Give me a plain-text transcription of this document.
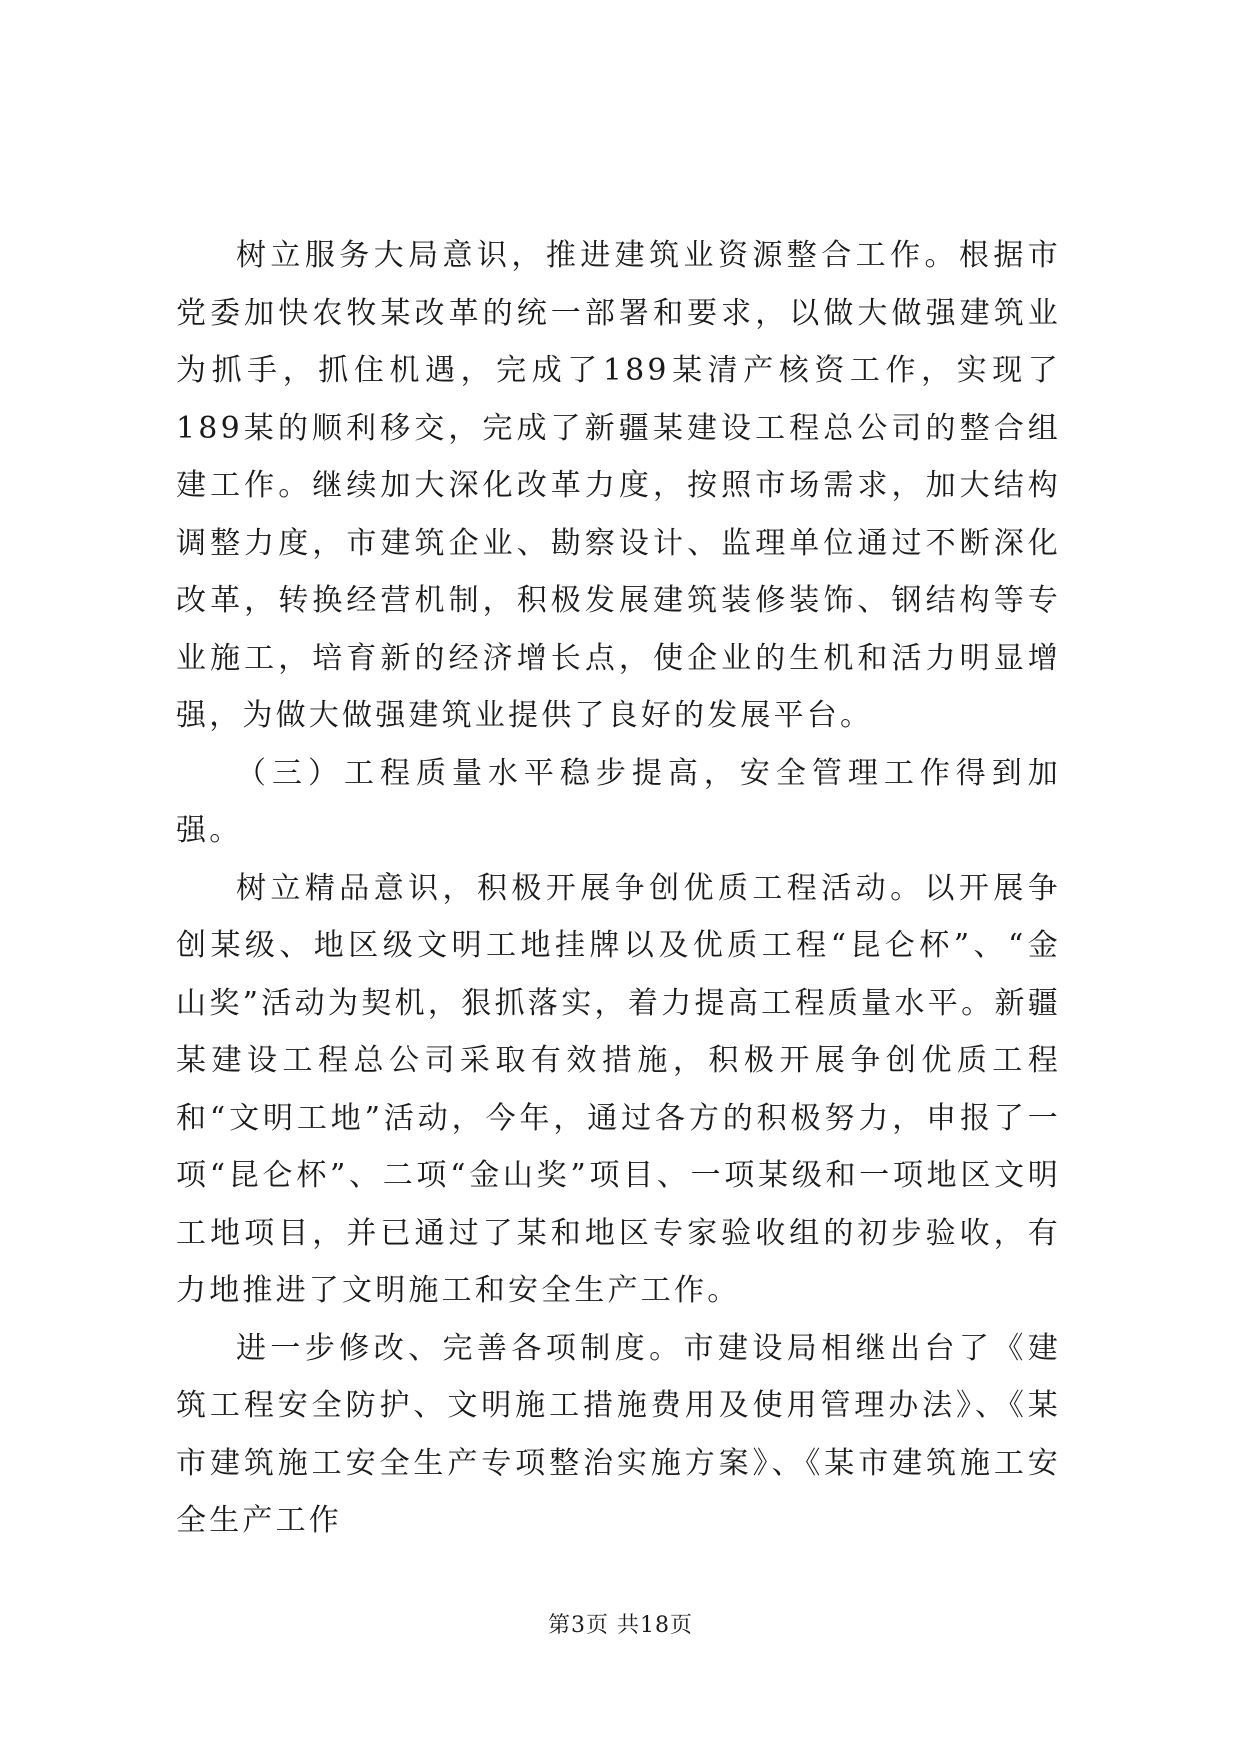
树立服务大局意识，推进建筑业资源整合工作。根据市党委加快农牧某改革的统一部署和要求，以做大做强建筑业为抓手，抓住机遇，完成了189某清产核资工作，实现了189某的顺利移交，完成了新疆某建设工程总公司的整合组建工作。继续加大深化改革力度，按照市场需求，加大结构调整力度，市建筑企业、勘察设计、监理单位通过不断深化改革，转换经营机制，积极发展建筑装修装饰、钢结构等专业施工，培育新的经济增长点，使企业的生机和活力明显增强，为做大做强建筑业提供了良好的发展平台。

（三）工程质量水平稳步提高，安全管理工作得到加强。

树立精品意识，积极开展争创优质工程活动。以开展争创某级、地区级文明工地挂牌以及优质工程“昆仑杯”、“金山奖”活动为契机，狠抓落实，着力提高工程质量水平。新疆某建设工程总公司采取有效措施，积极开展争创优质工程和“文明工地”活动，今年，通过各方的积极努力，申报了一项“昆仑杯”、二项“金山奖”项目、一项某级和一项地区文明工地项目，并已通过了某和地区专家验收组的初步验收，有力地推进了文明施工和安全生产工作。

进一步修改、完善各项制度。市建设局相继出台了《建筑工程安全防护、文明施工措施费用及使用管理办法》、《某市建筑施工安全生产专项整治实施方案》、《某市建筑施工安全生产工作

第3页 共18页
